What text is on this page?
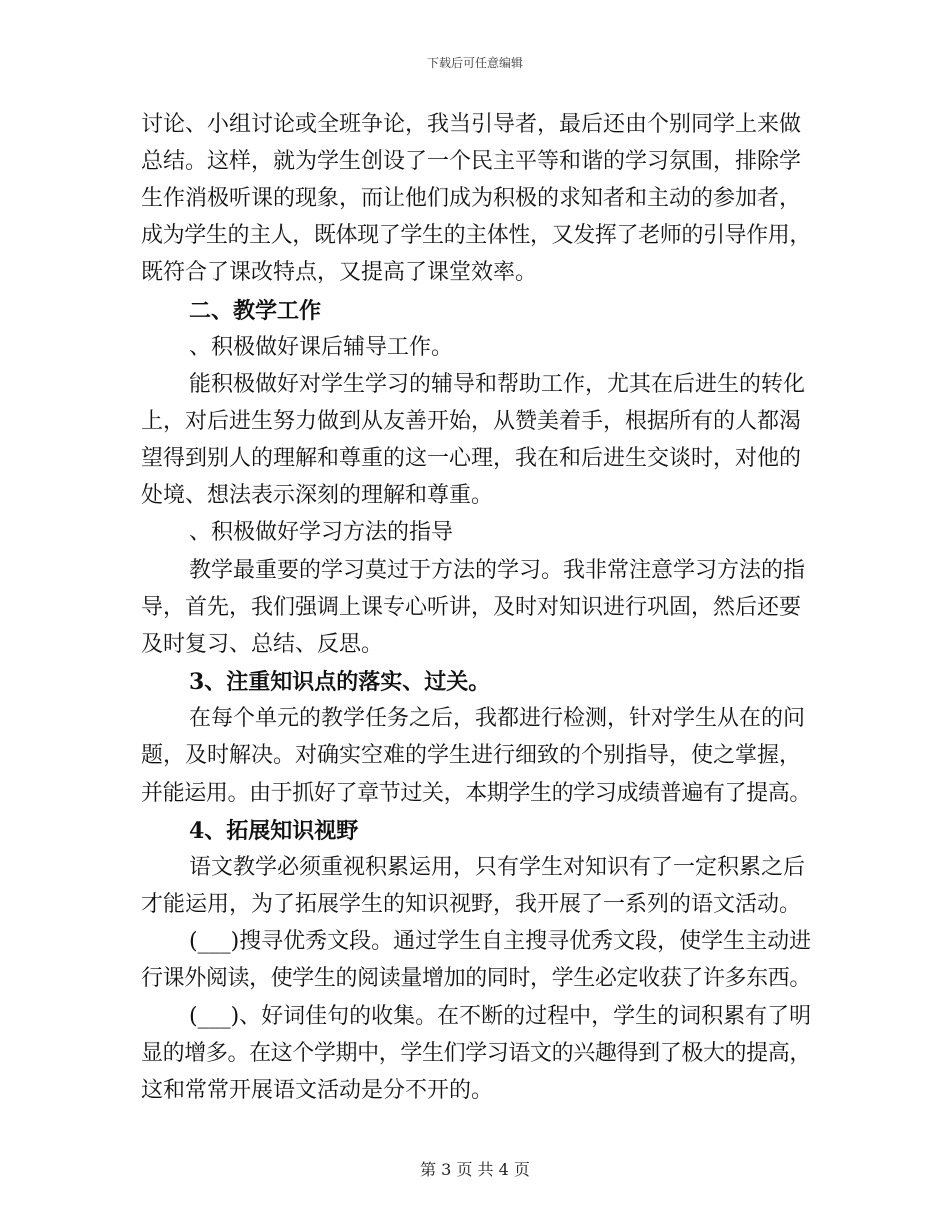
下载后可任意编辑
讨论、小组讨论或全班争论，我当引导者，最后还由个别同学上来做
总结。这样，就为学生创设了一个民主平等和谐的学习氛围，排除学
生作消极听课的现象，而让他们成为积极的求知者和主动的参加者，
成为学生的主人，既体现了学生的主体性，又发挥了老师的引导作用，
既符合了课改特点，又提高了课堂效率。
二、教学工作
、积极做好课后辅导工作。
能积极做好对学生学习的辅导和帮助工作，尤其在后进生的转化
上，对后进生努力做到从友善开始，从赞美着手，根据所有的人都渴
望得到别人的理解和尊重的这一心理，我在和后进生交谈时，对他的
处境、想法表示深刻的理解和尊重。
、积极做好学习方法的指导
教学最重要的学习莫过于方法的学习。我非常注意学习方法的指
导，首先，我们强调上课专心听讲，及时对知识进行巩固，然后还要
及时复习、总结、反思。
3、注重知识点的落实、过关。
在每个单元的教学任务之后，我都进行检测，针对学生从在的问
题，及时解决。对确实空难的学生进行细致的个别指导，使之掌握，
并能运用。由于抓好了章节过关，本期学生的学习成绩普遍有了提高。
4、拓展知识视野
语文教学必须重视积累运用，只有学生对知识有了一定积累之后
才能运用，为了拓展学生的知识视野，我开展了一系列的语文活动。
(___)搜寻优秀文段。通过学生自主搜寻优秀文段，使学生主动进
行课外阅读，使学生的阅读量增加的同时，学生必定收获了许多东西。
(___)、好词佳句的收集。在不断的过程中，学生的词积累有了明
显的增多。在这个学期中，学生们学习语文的兴趣得到了极大的提高，
这和常常开展语文活动是分不开的。
第 3 页 共 4 页
